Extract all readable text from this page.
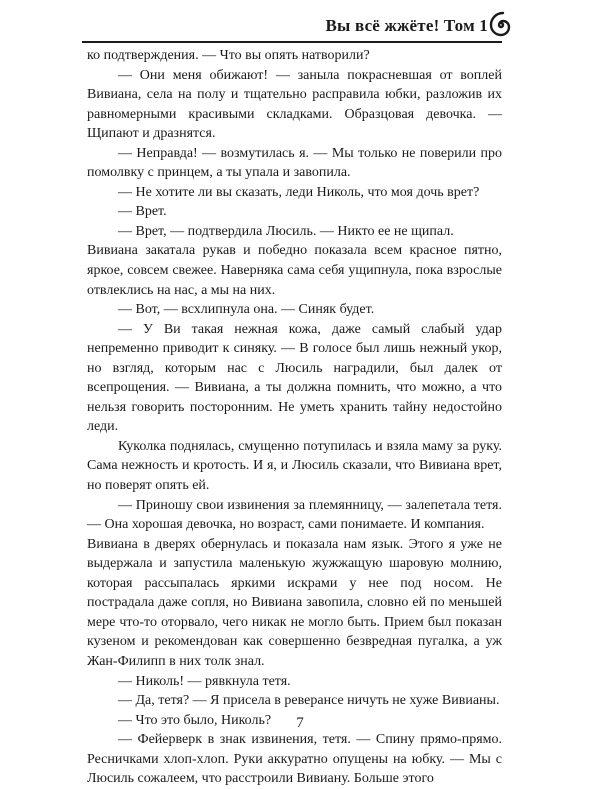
Вы всё жжёте! Том 1

ко подтверждения. — Что вы опять натворили?

— Они меня обижают! — заныла покрасневшая от воплей Вивиана, села на полу и тщательно расправила юбки, разложив их равномерными красивыми складками. Образцовая девочка. — Щипают и дразнятся.

— Неправда! — возмутилась я. — Мы только не поверили про помолвку с принцем, а ты упала и завопила.

— Не хотите ли вы сказать, леди Николь, что моя дочь врет?

— Врет.

— Врет, — подтвердила Люсиль. — Никто ее не щипал.

Вивиана закатала рукав и победно показала всем красное пятно, яркое, совсем свежее. Наверняка сама себя ущипнула, пока взрослые отвлеклись на нас, а мы на них.

— Вот, — всхлипнула она. — Синяк будет.

— У Ви такая нежная кожа, даже самый слабый удар непременно приводит к синяку. — В голосе был лишь нежный укор, но взгляд, которым нас с Люсиль наградили, был далек от всепрощения. — Вивиана, а ты должна помнить, что можно, а что нельзя говорить посторонним. Не уметь хранить тайну недостойно леди.

Куколка поднялась, смущенно потупилась и взяла маму за руку. Сама нежность и кротость. И я, и Люсиль сказали, что Вивиана врет, но поверят опять ей.

— Приношу свои извинения за племянницу, — залепетала тетя. — Она хорошая девочка, но возраст, сами понимаете. И компания.

Вивиана в дверях обернулась и показала нам язык. Этого я уже не выдержала и запустила маленькую жужжащую шаровую молнию, которая рассыпалась яркими искрами у нее под носом. Не пострадала даже сопля, но Вивиана завопила, словно ей по меньшей мере что-то оторвало, чего никак не могло быть. Прием был показан кузеном и рекомендован как совершенно безвредная пугалка, а уж Жан-Филипп в них толк знал.

— Николь! — рявкнула тетя.

— Да, тетя? — Я присела в реверансе ничуть не хуже Вивианы.

— Что это было, Николь?

— Фейерверк в знак извинения, тетя. — Спину прямо-прямо. Ресничками хлоп-хлоп. Руки аккуратно опущены на юбку. — Мы с Люсиль сожалеем, что расстроили Вивиану. Больше этого

7
